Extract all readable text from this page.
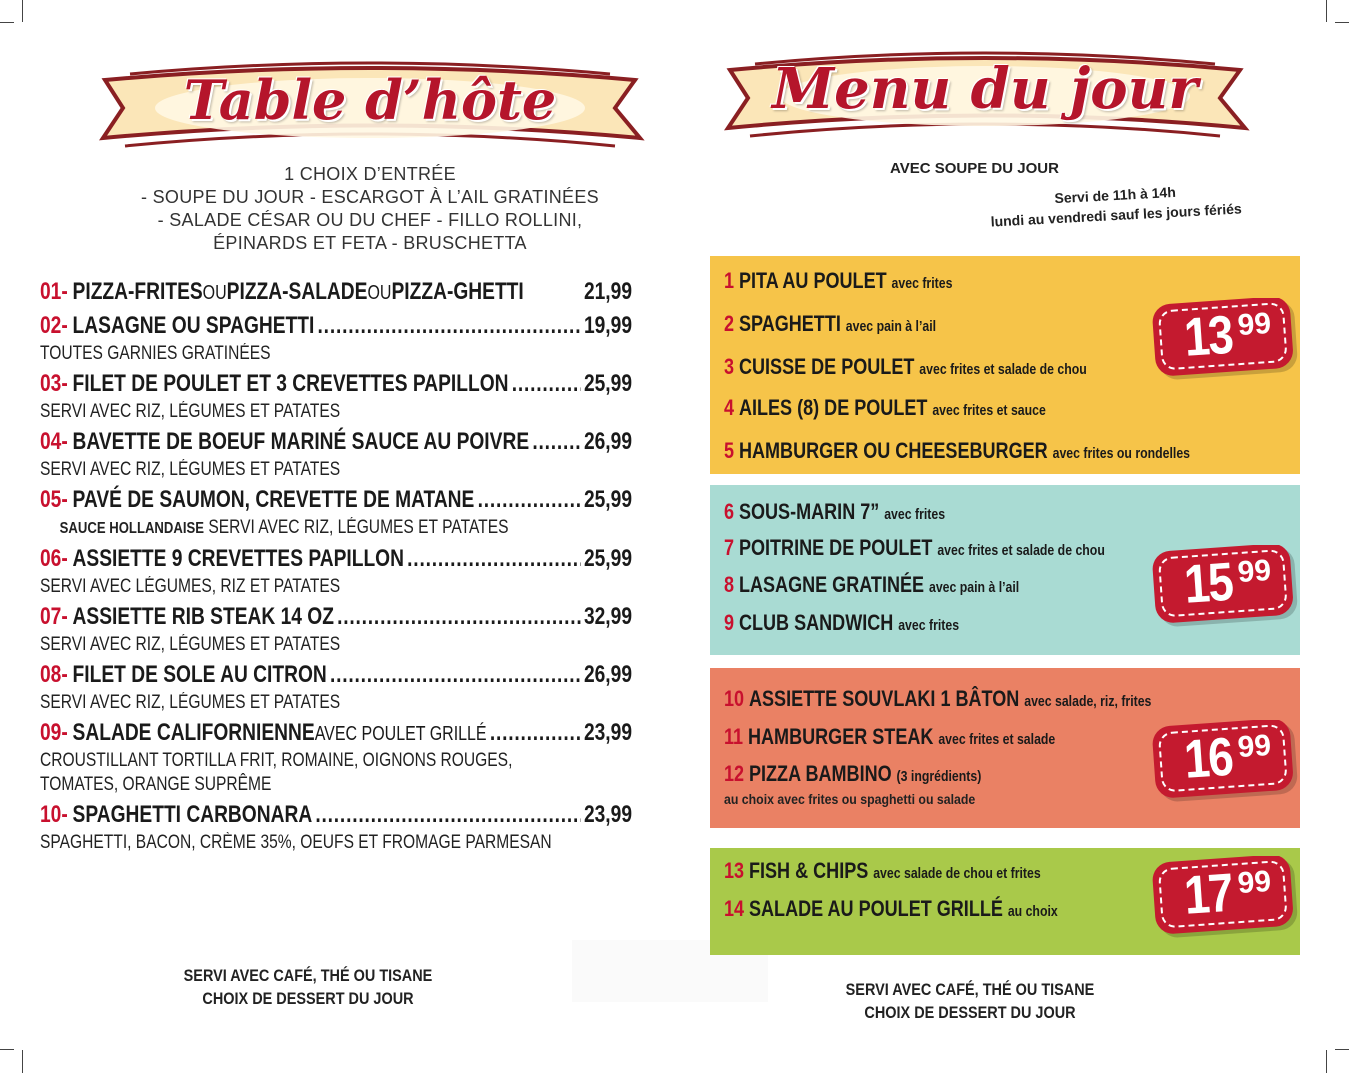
Table d’hôte	Menu du jour
1 CHOIX D’ENTRÉE
- SOUPE DU JOUR - ESCARGOT À L’AIL GRATINÉES
- SALADE CÉSAR OU DU CHEF - FILLO ROLLINI,
ÉPINARDS ET FETA - BRUSCHETTA
01- PIZZA-FRITES OU PIZZA-SALADE OU PIZZA-GHETTI	21,99
02- LASAGNE OU SPAGHETTI .....	19,99
TOUTES GARNIES GRATINÉES
03- FILET DE POULET ET 3 CREVETTES PAPILLON .....	25,99
SERVI AVEC RIZ, LÉGUMES ET PATATES
04- BAVETTE DE BOEUF MARINÉ SAUCE AU POIVRE ..... 26,99
SERVI AVEC RIZ, LÉGUMES ET PATATES
05- PAVÉ DE SAUMON, CREVETTE DE MATANE .....	25,99
SAUCE HOLLANDAISE SERVI AVEC RIZ, LÉGUMES ET PATATES
06- ASSIETTE 9 CREVETTES PAPILLON .....	25,99
SERVI AVEC LÉGUMES, RIZ ET PATATES
07- ASSIETTE RIB STEAK 14 OZ .....	32,99
SERVI AVEC RIZ, LÉGUMES ET PATATES
08- FILET DE SOLE AU CITRON .....	26,99
SERVI AVEC RIZ, LÉGUMES ET PATATES
09- SALADE CALIFORNIENNE AVEC POULET GRILLÉ .....	23,99
CROUSTILLANT TORTILLA FRIT, ROMAINE, OIGNONS ROUGES,
TOMATES, ORANGE SUPRÊME
10- SPAGHETTI CARBONARA .....	23,99
SPAGHETTI, BACON, CRÈME 35%, OEUFS ET FROMAGE PARMESAN
SERVI AVEC CAFÉ, THÉ OU TISANE
CHOIX DE DESSERT DU JOUR
AVEC SOUPE DU JOUR
Servi de 11h à 14h
lundi au vendredi sauf les jours fériés
1 PITA AU POULET avec frites
2 SPAGHETTI avec pain à l’ail
3 CUISSE DE POULET avec frites et salade de chou
4 AILES (8) DE POULET avec frites et sauce
5 HAMBURGER OU CHEESEBURGER avec frites ou rondelles
1399
6 SOUS-MARIN 7” avec frites
7 POITRINE DE POULET avec frites et salade de chou
8 LASAGNE GRATINÉE avec pain à l’ail
9 CLUB SANDWICH avec frites
1599
10 ASSIETTE SOUVLAKI 1 BÂTON avec salade, riz, frites
11 HAMBURGER STEAK avec frites et salade
12 PIZZA BAMBINO (3 ingrédients)
au choix avec frites ou spaghetti ou salade
1699
13 FISH & CHIPS avec salade de chou et frites
14 SALADE AU POULET GRILLÉ au choix	1799
SERVI AVEC CAFÉ, THÉ OU TISANE
CHOIX DE DESSERT DU JOUR
